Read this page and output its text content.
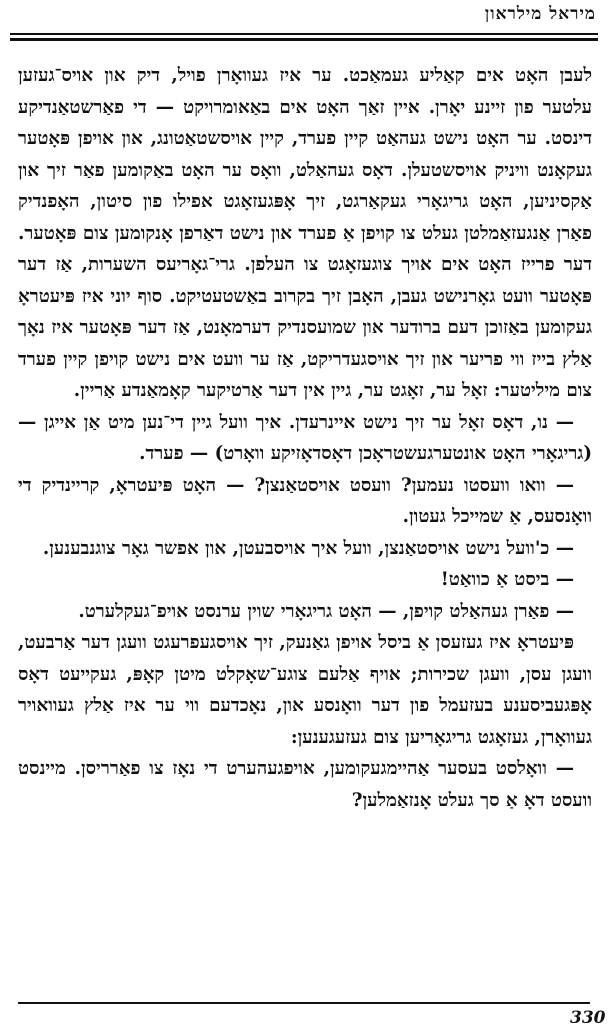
מיראל מילראון

לעבן האָט אים קאַליע געמאַכט. ער איז געוואָרן פויל, דיק און אויס־געזען עלטער פון זיינע יאָרן. איין זאַך האָט אים באַאומרויקט — די פאַרשטאַנדיקע דינסט. ער האָט נישט געהאַט קיין פערד, קיין אויסשטאַטונג, און אויפן פּאָטער געקאָנט וויניק אויסשטעלן. דאָס געהאַלט, וואָס ער האָט באַקומען פאַר זיך און אַקסיניען, האָט גריגאָרי געקאַרגט, זיך אָפּגעזאָגט אפילו פון סיטון, האָפנדיק פאַרן אַנגעזאַמלטן געלט צו קויפן אַ פערד און נישט דאַרפן אָנקומען צום פּאָטער. דער פרייז האָט אים אויך צוגעזאָגט צו העלפן. גרי־גאָריעס השערות, אַז דער פּאָטער וועט גאָרנישט געבן, האָבן זיך בקרוב באַשטעטיקט. סוף יוני איז פּיעטראָ געקומען באַזוכן דעם ברודער און שמועסנדיק דערמאָנט, אַז דער פּאָטער איז נאָך אַלץ בייז ווי פריער און זיך אויסגעדריקט, אַז ער וועט אים נישט קויפן קיין פערד צום מיליטער: זאָל ער, זאָגט ער, גיין אין דער אַרטיקער קאָמאַנדע אַריין.

— נו, דאָס זאָל ער זיך נישט איינרעדן. איך וועל גיין די־נען מיט אַן אייגן — (גריגאָרי האָט אונטערגעשטראָכן דאָסדאָזיקע וואָרט) — פערד.

— וואו וועסטו נעמען? וועסט אויסטאַנצן? — האָט פּיעטראָ, קריינדיק די וואָנסעס, אַ שמייכל געטון.

— כ'וועל נישט אויסטאַנצן, וועל איך אויסבעטן, און אפשר גאָר צוגנבענען.

— ביסט אַ כוואַט!

— פאַרן געהאַלט קויפן, — האָט גריגאָרי שוין ערנסט אויפ־געקלערט.

פּיעטראָ איז געזעסן אַ ביסל אויפן גאַנעק, זיך אויסגעפרעגט וועגן דער אַרבעט, וועגן עסן, וועגן שכירות; אויף אַלעם צוגע־שאָקלט מיטן קאָפּ, געקייעט דאָס אָפּגעביסענע בעזעמל פון דער וואָנסע און, נאָכדעם ווי ער איז אַלץ געוואויר געוואָרן, געזאָגט גריגאָריען צום געזעגענען:

— וואָלסט בעסער אַהיימגעקומען, אויפגעהערט די נאָז צו פאַרריסן. מיינסט וועסט דאָ אַ סך געלט אָנזאַמלען?

330
